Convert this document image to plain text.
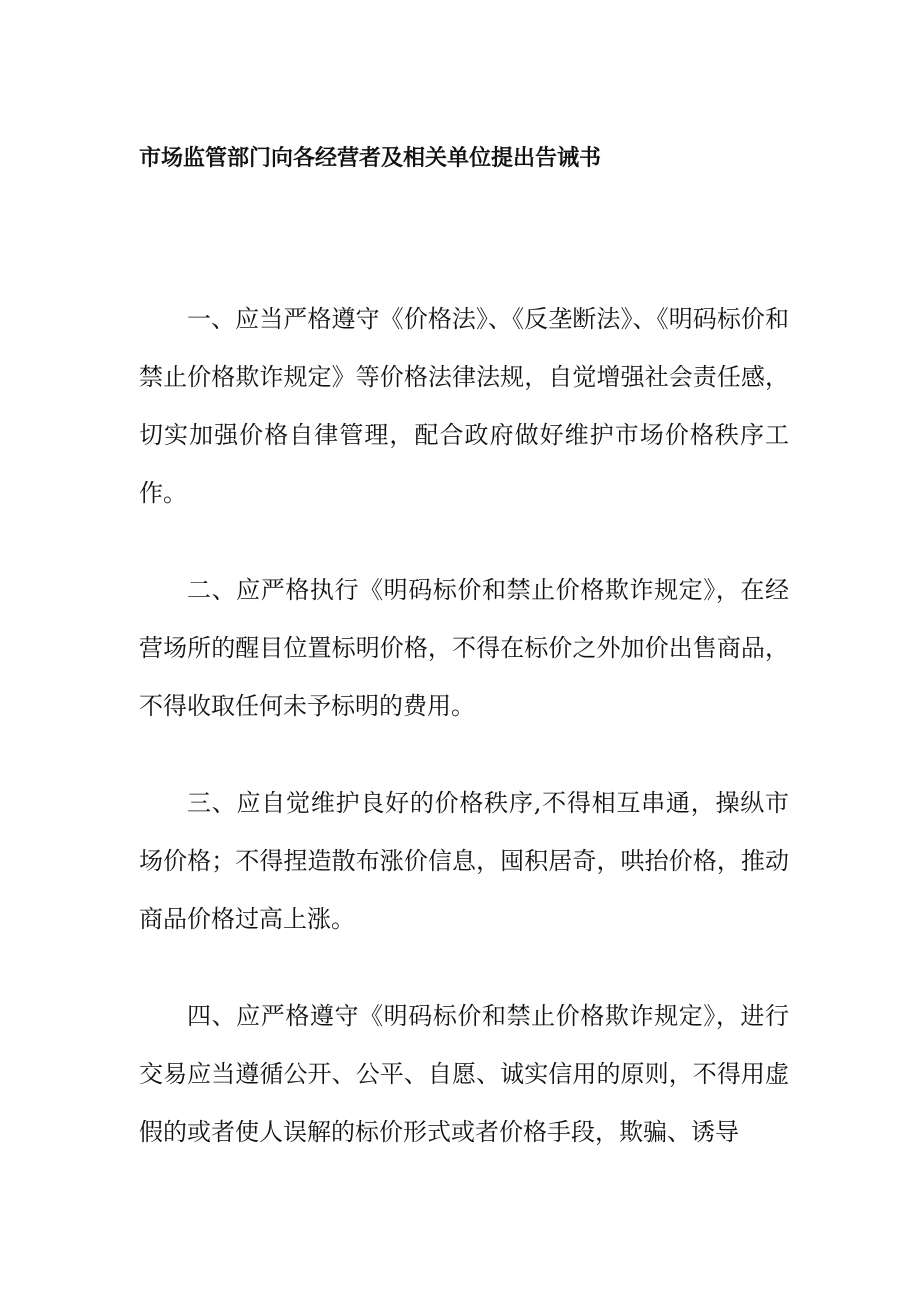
市场监管部门向各经营者及相关单位提出告诫书

一、应当严格遵守《价格法》、《反垄断法》、《明码标价和禁止价格欺诈规定》等价格法律法规，自觉增强社会责任感，切实加强价格自律管理，配合政府做好维护市场价格秩序工作。

二、应严格执行《明码标价和禁止价格欺诈规定》，在经营场所的醒目位置标明价格，不得在标价之外加价出售商品，不得收取任何未予标明的费用。

三、应自觉维护良好的价格秩序,不得相互串通，操纵市场价格；不得捏造散布涨价信息，囤积居奇，哄抬价格，推动商品价格过高上涨。

四、应严格遵守《明码标价和禁止价格欺诈规定》，进行交易应当遵循公开、公平、自愿、诚实信用的原则，不得用虚假的或者使人误解的标价形式或者价格手段，欺骗、诱导
